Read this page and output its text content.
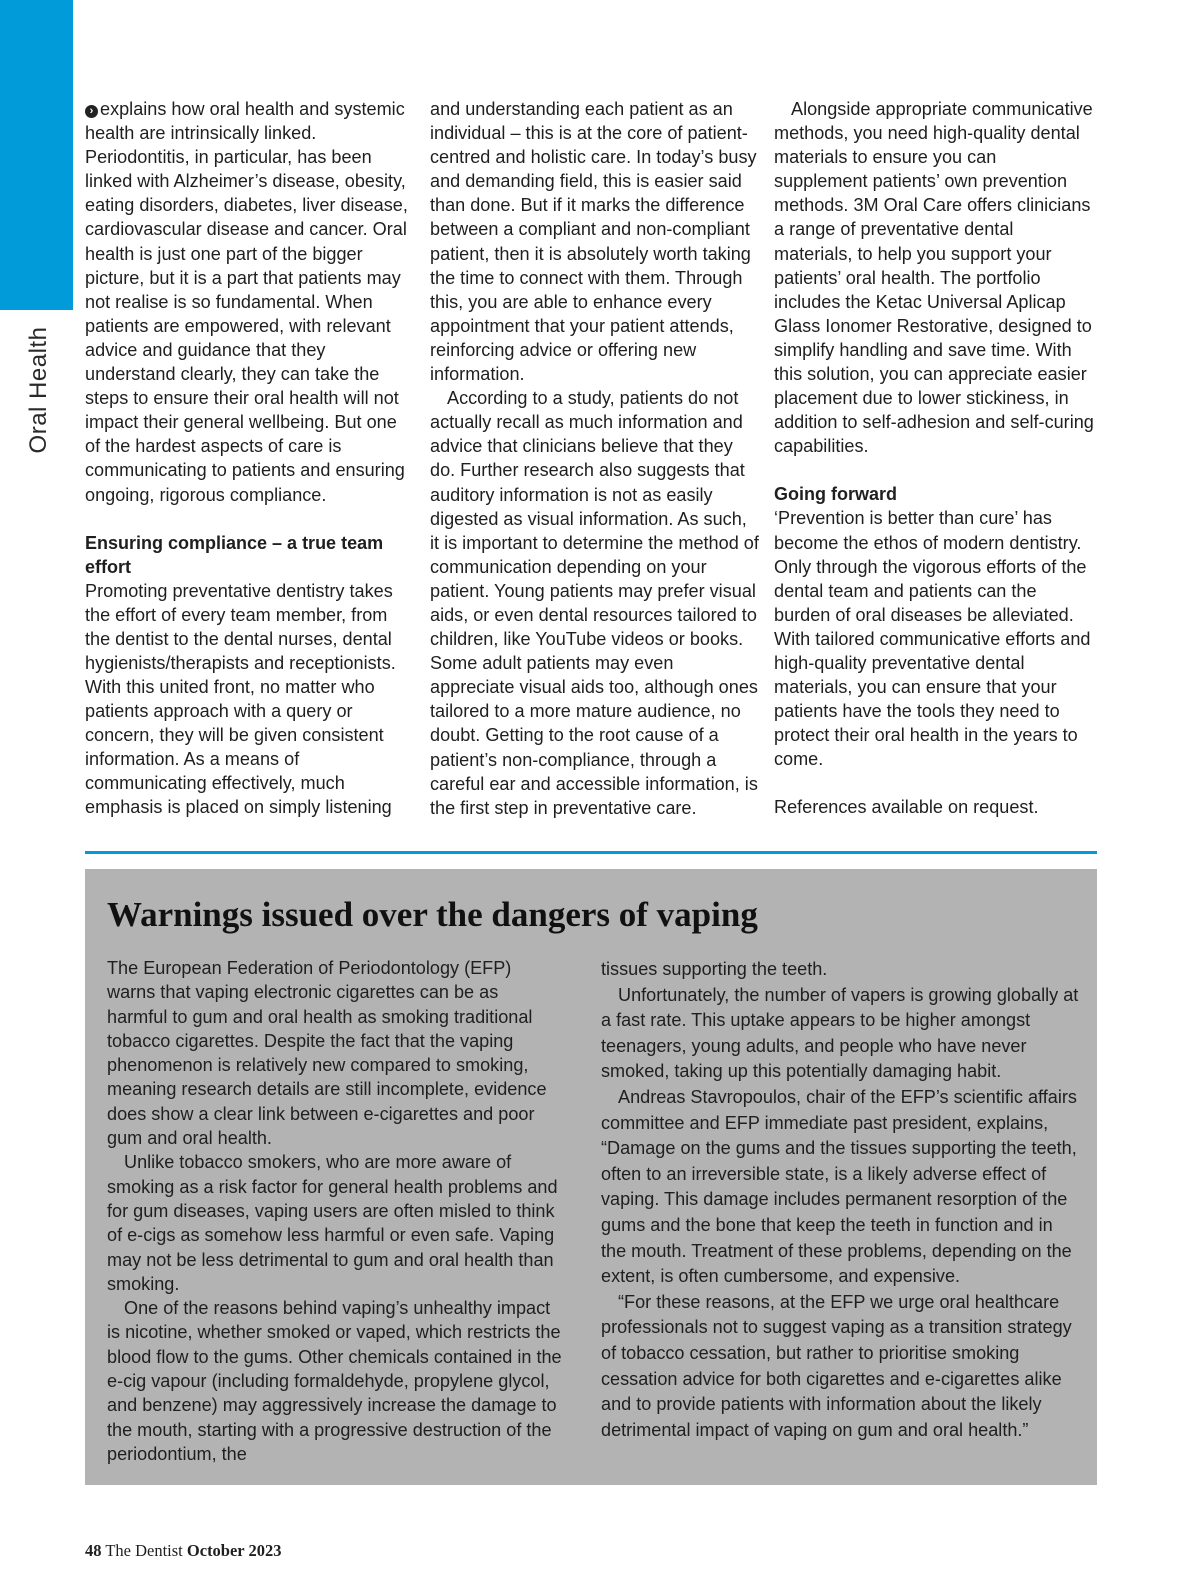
Oral Health

› explains how oral health and systemic health are intrinsically linked. Periodontitis, in particular, has been linked with Alzheimer’s disease, obesity, eating disorders, diabetes, liver disease, cardiovascular disease and cancer. Oral health is just one part of the bigger picture, but it is a part that patients may not realise is so fundamental. When patients are empowered, with relevant advice and guidance that they understand clearly, they can take the steps to ensure their oral health will not impact their general wellbeing. But one of the hardest aspects of care is communicating to patients and ensuring ongoing, rigorous compliance.

Ensuring compliance – a true team effort

Promoting preventative dentistry takes the effort of every team member, from the dentist to the dental nurses, dental hygienists/therapists and receptionists. With this united front, no matter who patients approach with a query or concern, they will be given consistent information. As a means of communicating effectively, much emphasis is placed on simply listening

and understanding each patient as an individual – this is at the core of patient-centred and holistic care. In today’s busy and demanding field, this is easier said than done. But if it marks the difference between a compliant and non-compliant patient, then it is absolutely worth taking the time to connect with them. Through this, you are able to enhance every appointment that your patient attends, reinforcing advice or offering new information.

According to a study, patients do not actually recall as much information and advice that clinicians believe that they do. Further research also suggests that auditory information is not as easily digested as visual information. As such, it is important to determine the method of communication depending on your patient. Young patients may prefer visual aids, or even dental resources tailored to children, like YouTube videos or books. Some adult patients may even appreciate visual aids too, although ones tailored to a more mature audience, no doubt. Getting to the root cause of a patient’s non-compliance, through a careful ear and accessible information, is the first step in preventative care.

Alongside appropriate communicative methods, you need high-quality dental materials to ensure you can supplement patients’ own prevention methods. 3M Oral Care offers clinicians a range of preventative dental materials, to help you support your patients’ oral health. The portfolio includes the Ketac Universal Aplicap Glass Ionomer Restorative, designed to simplify handling and save time. With this solution, you can appreciate easier placement due to lower stickiness, in addition to self-adhesion and self-curing capabilities.

Going forward

‘Prevention is better than cure’ has become the ethos of modern dentistry. Only through the vigorous efforts of the dental team and patients can the burden of oral diseases be alleviated. With tailored communicative efforts and high-quality preventative dental materials, you can ensure that your patients have the tools they need to protect their oral health in the years to come.

References available on request.

Warnings issued over the dangers of vaping

The European Federation of Periodontology (EFP) warns that vaping electronic cigarettes can be as harmful to gum and oral health as smoking traditional tobacco cigarettes. Despite the fact that the vaping phenomenon is relatively new compared to smoking, meaning research details are still incomplete, evidence does show a clear link between e-cigarettes and poor gum and oral health.

Unlike tobacco smokers, who are more aware of smoking as a risk factor for general health problems and for gum diseases, vaping users are often misled to think of e-cigs as somehow less harmful or even safe. Vaping may not be less detrimental to gum and oral health than smoking.

One of the reasons behind vaping’s unhealthy impact is nicotine, whether smoked or vaped, which restricts the blood flow to the gums. Other chemicals contained in the e-cig vapour (including formaldehyde, propylene glycol, and benzene) may aggressively increase the damage to the mouth, starting with a progressive destruction of the periodontium, the

tissues supporting the teeth.

Unfortunately, the number of vapers is growing globally at a fast rate. This uptake appears to be higher amongst teenagers, young adults, and people who have never smoked, taking up this potentially damaging habit.

Andreas Stavropoulos, chair of the EFP’s scientific affairs committee and EFP immediate past president, explains, “Damage on the gums and the tissues supporting the teeth, often to an irreversible state, is a likely adverse effect of vaping. This damage includes permanent resorption of the gums and the bone that keep the teeth in function and in the mouth. Treatment of these problems, depending on the extent, is often cumbersome, and expensive.

“For these reasons, at the EFP we urge oral healthcare professionals not to suggest vaping as a transition strategy of tobacco cessation, but rather to prioritise smoking cessation advice for both cigarettes and e-cigarettes alike and to provide patients with information about the likely detrimental impact of vaping on gum and oral health.”

48 The Dentist October 2023
